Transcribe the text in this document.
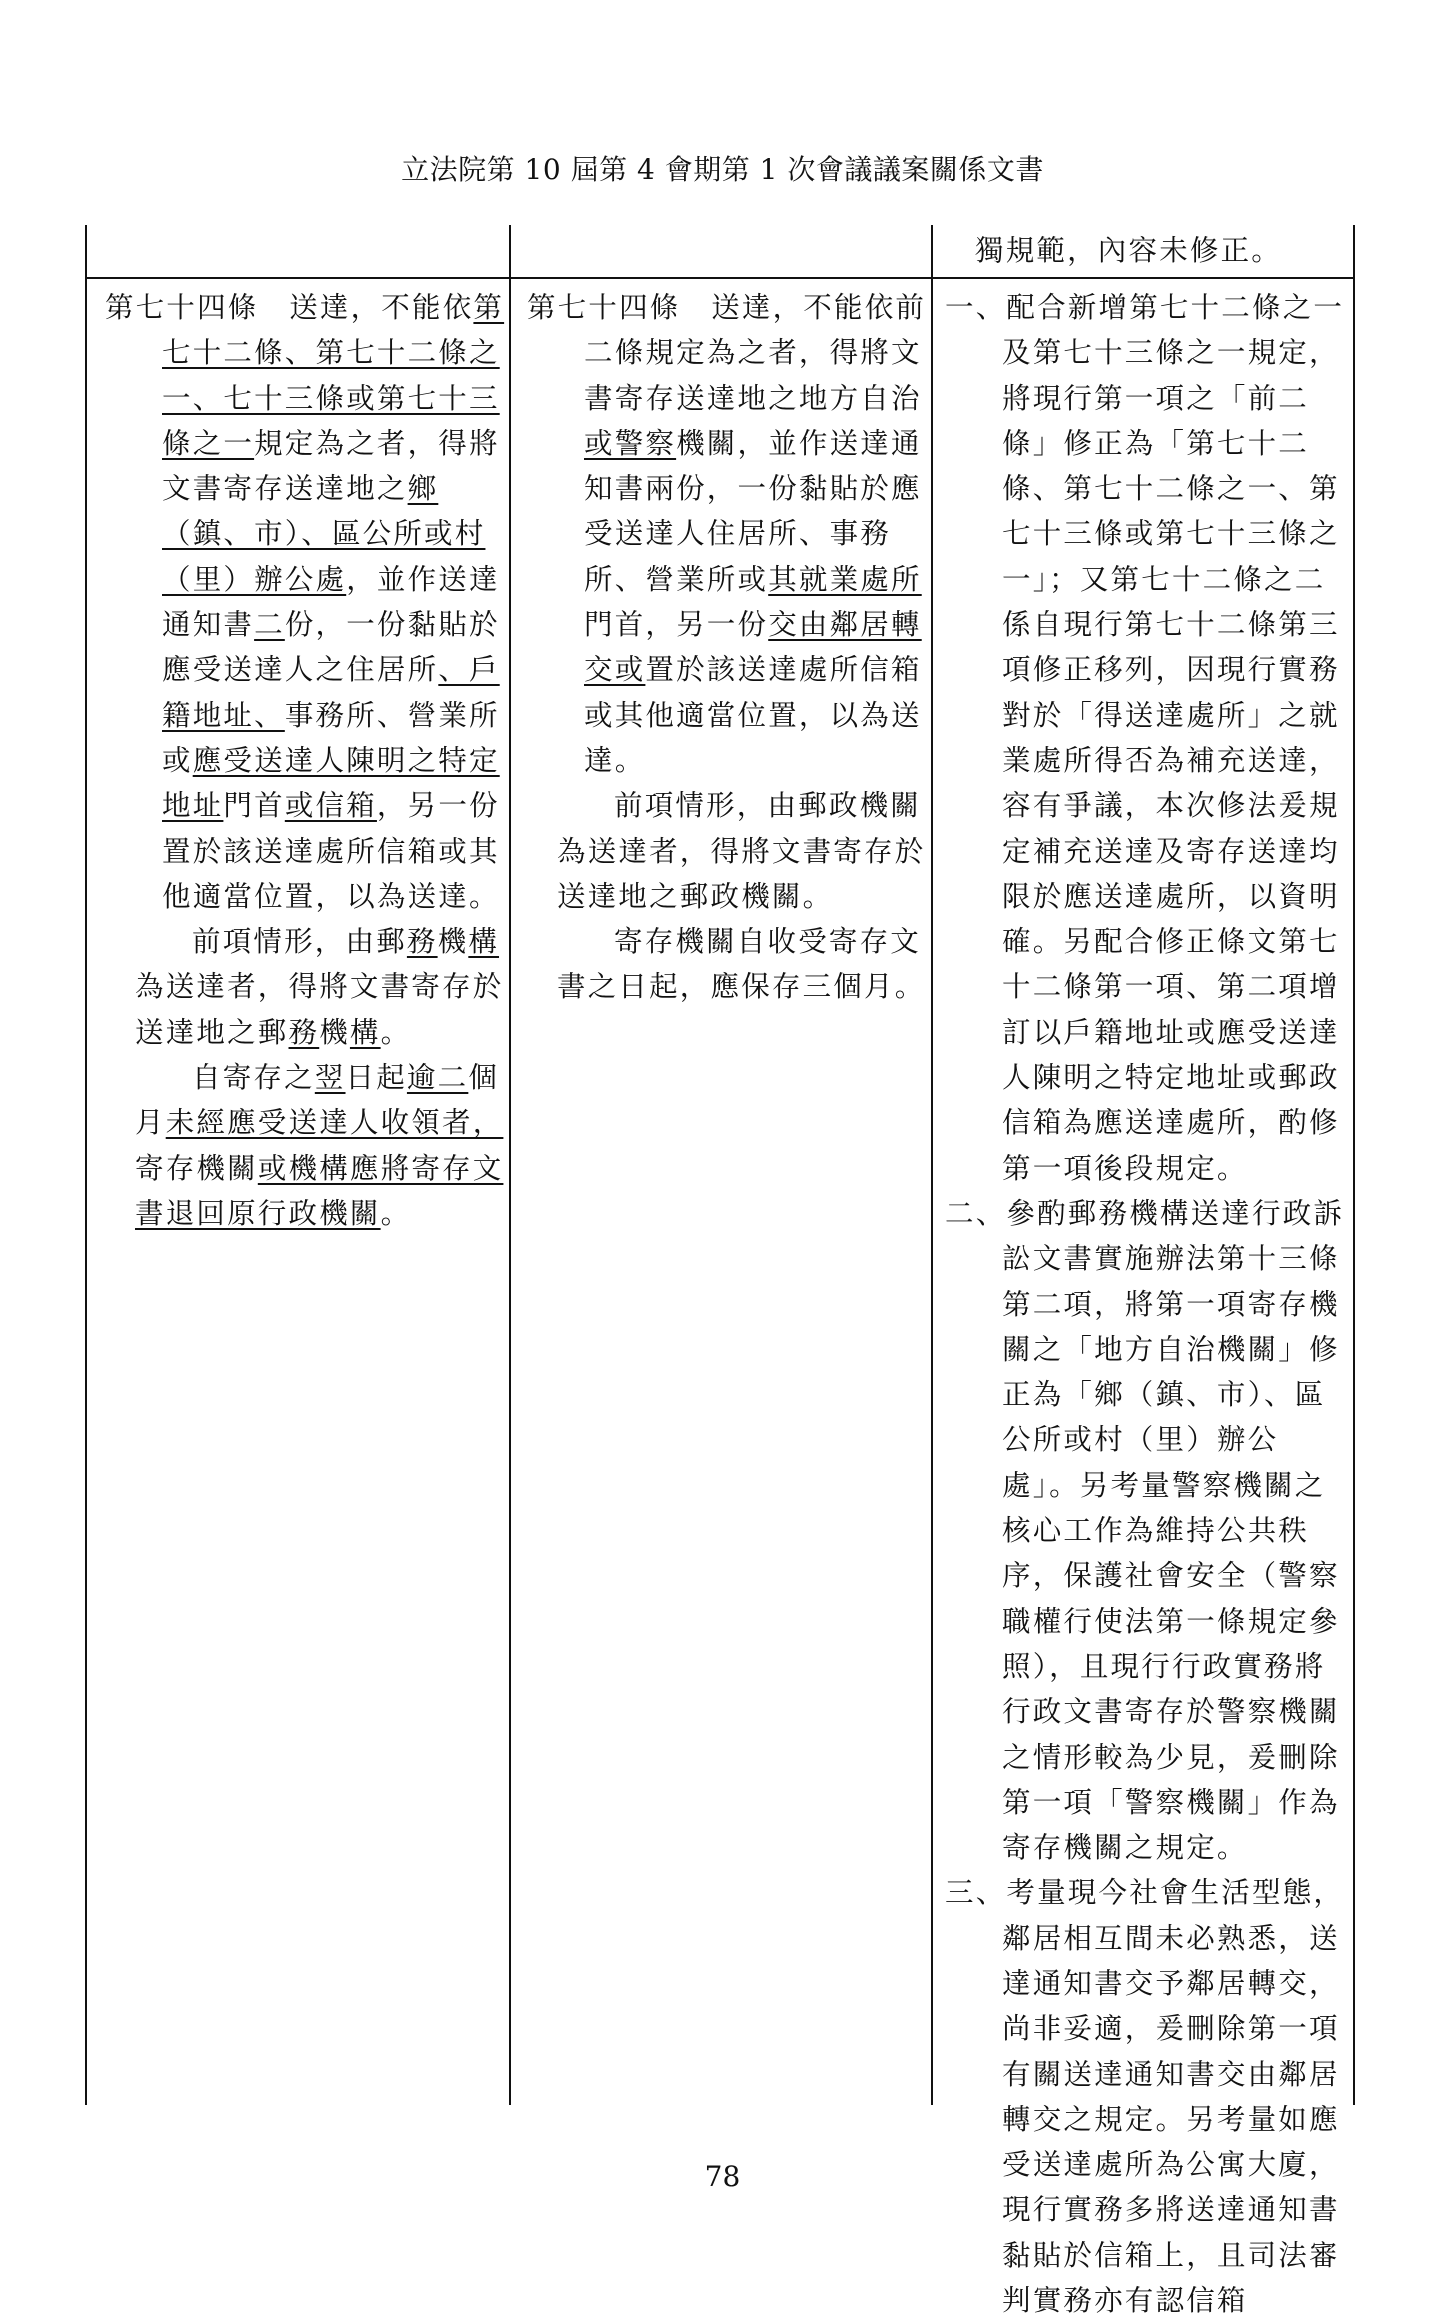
立法院第 10 屆第 4 會期第 1 次會議議案關係文書
第七十四條　送達，不能依第七十二條、第七十二條之一、七十三條或第七十三條之一規定為之者，得將文書寄存送達地之鄉（鎮、市）、區公所或村（里）辦公處，並作送達通知書二份，一份黏貼於應受送達人之住居所、戶籍地址、事務所、營業所或應受送達人陳明之特定地址門首或信箱，另一份置於該送達處所信箱或其他適當位置，以為送達。
前項情形，由郵務機構為送達者，得將文書寄存於送達地之郵務機構。
自寄存之翌日起逾二個月未經應受送達人收領者，寄存機關或機構應將寄存文書退回原行政機關。
第七十四條　送達，不能依前二條規定為之者，得將文書寄存送達地之地方自治或警察機關，並作送達通知書兩份，一份黏貼於應受送達人住居所、事務所、營業所或其就業處所門首，另一份交由鄰居轉交或置於該送達處所信箱或其他適當位置，以為送達。
前項情形，由郵政機關為送達者，得將文書寄存於送達地之郵政機關。
寄存機關自收受寄存文書之日起，應保存三個月。
獨規範，內容未修正。
一、配合新增第七十二條之一及第七十三條之一規定，將現行第一項之「前二條」修正為「第七十二條、第七十二條之一、第七十三條或第七十三條之一」；又第七十二條之二係自現行第七十二條第三項修正移列，因現行實務對於「得送達處所」之就業處所得否為補充送達，容有爭議，本次修法爰規定補充送達及寄存送達均限於應送達處所，以資明確。另配合修正條文第七十二條第一項、第二項增訂以戶籍地址或應受送達人陳明之特定地址或郵政信箱為應送達處所，酌修第一項後段規定。
二、參酌郵務機構送達行政訴訟文書實施辦法第十三條第二項，將第一項寄存機關之「地方自治機關」修正為「鄉（鎮、市）、區公所或村（里）辦公處」。另考量警察機關之核心工作為維持公共秩序，保護社會安全（警察職權行使法第一條規定參照），且現行行政實務將行政文書寄存於警察機關之情形較為少見，爰刪除第一項「警察機關」作為寄存機關之規定。
三、考量現今社會生活型態，鄰居相互間未必熟悉，送達通知書交予鄰居轉交，尚非妥適，爰刪除第一項有關送達通知書交由鄰居轉交之規定。另考量如應受送達處所為公寓大廈，現行實務多將送達通知書黏貼於信箱上，且司法審判實務亦有認信箱
78
